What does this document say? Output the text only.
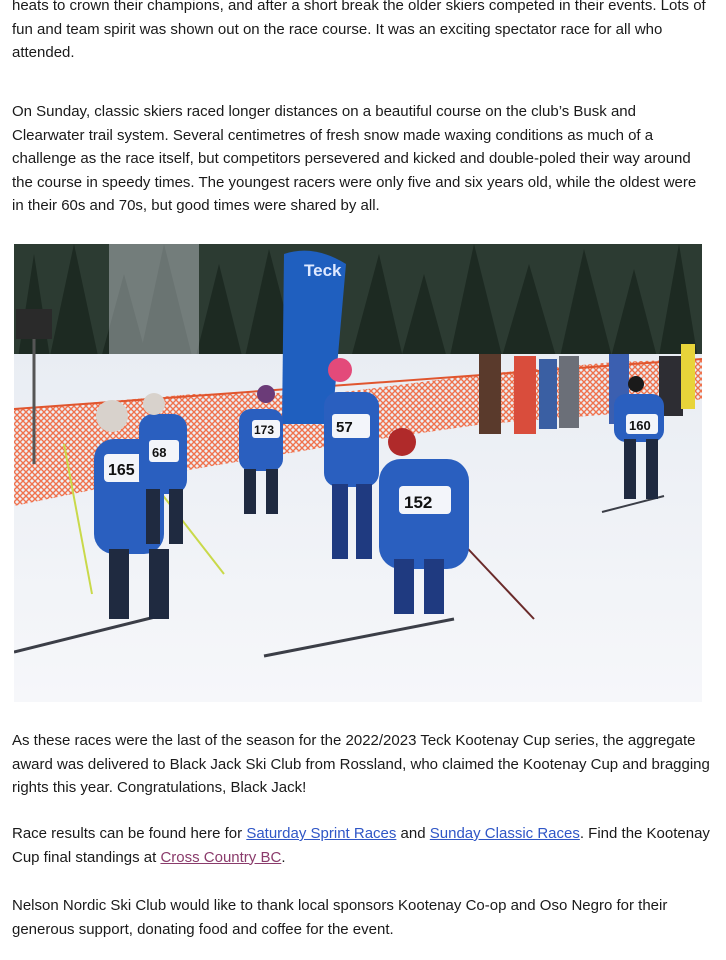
heats to crown their champions, and after a short break the older skiers competed in their events. Lots of fun and team spirit was shown out on the race course. It was an exciting spectator race for all who attended.

On Sunday, classic skiers raced longer distances on a beautiful course on the club’s Busk and Clearwater trail system. Several centimetres of fresh snow made waxing conditions as much of a challenge as the race itself, but competitors persevered and kicked and double-poled their way around the course in speedy times. The youngest racers were only five and six years old, while the oldest were in their 60s and 70s, but good times were shared by all.

Teck
165
68
173	57
152
160

As these races were the last of the season for the 2022/2023 Teck Kootenay Cup series, the aggregate award was delivered to Black Jack Ski Club from Rossland, who claimed the Kootenay Cup and bragging rights this year. Congratulations, Black Jack!

Race results can be found here for Saturday Sprint Races and Sunday Classic Races. Find the Kootenay Cup final standings at Cross Country BC.

Nelson Nordic Ski Club would like to thank local sponsors Kootenay Co-op and Oso Negro for their generous support, donating food and coffee for the event.
